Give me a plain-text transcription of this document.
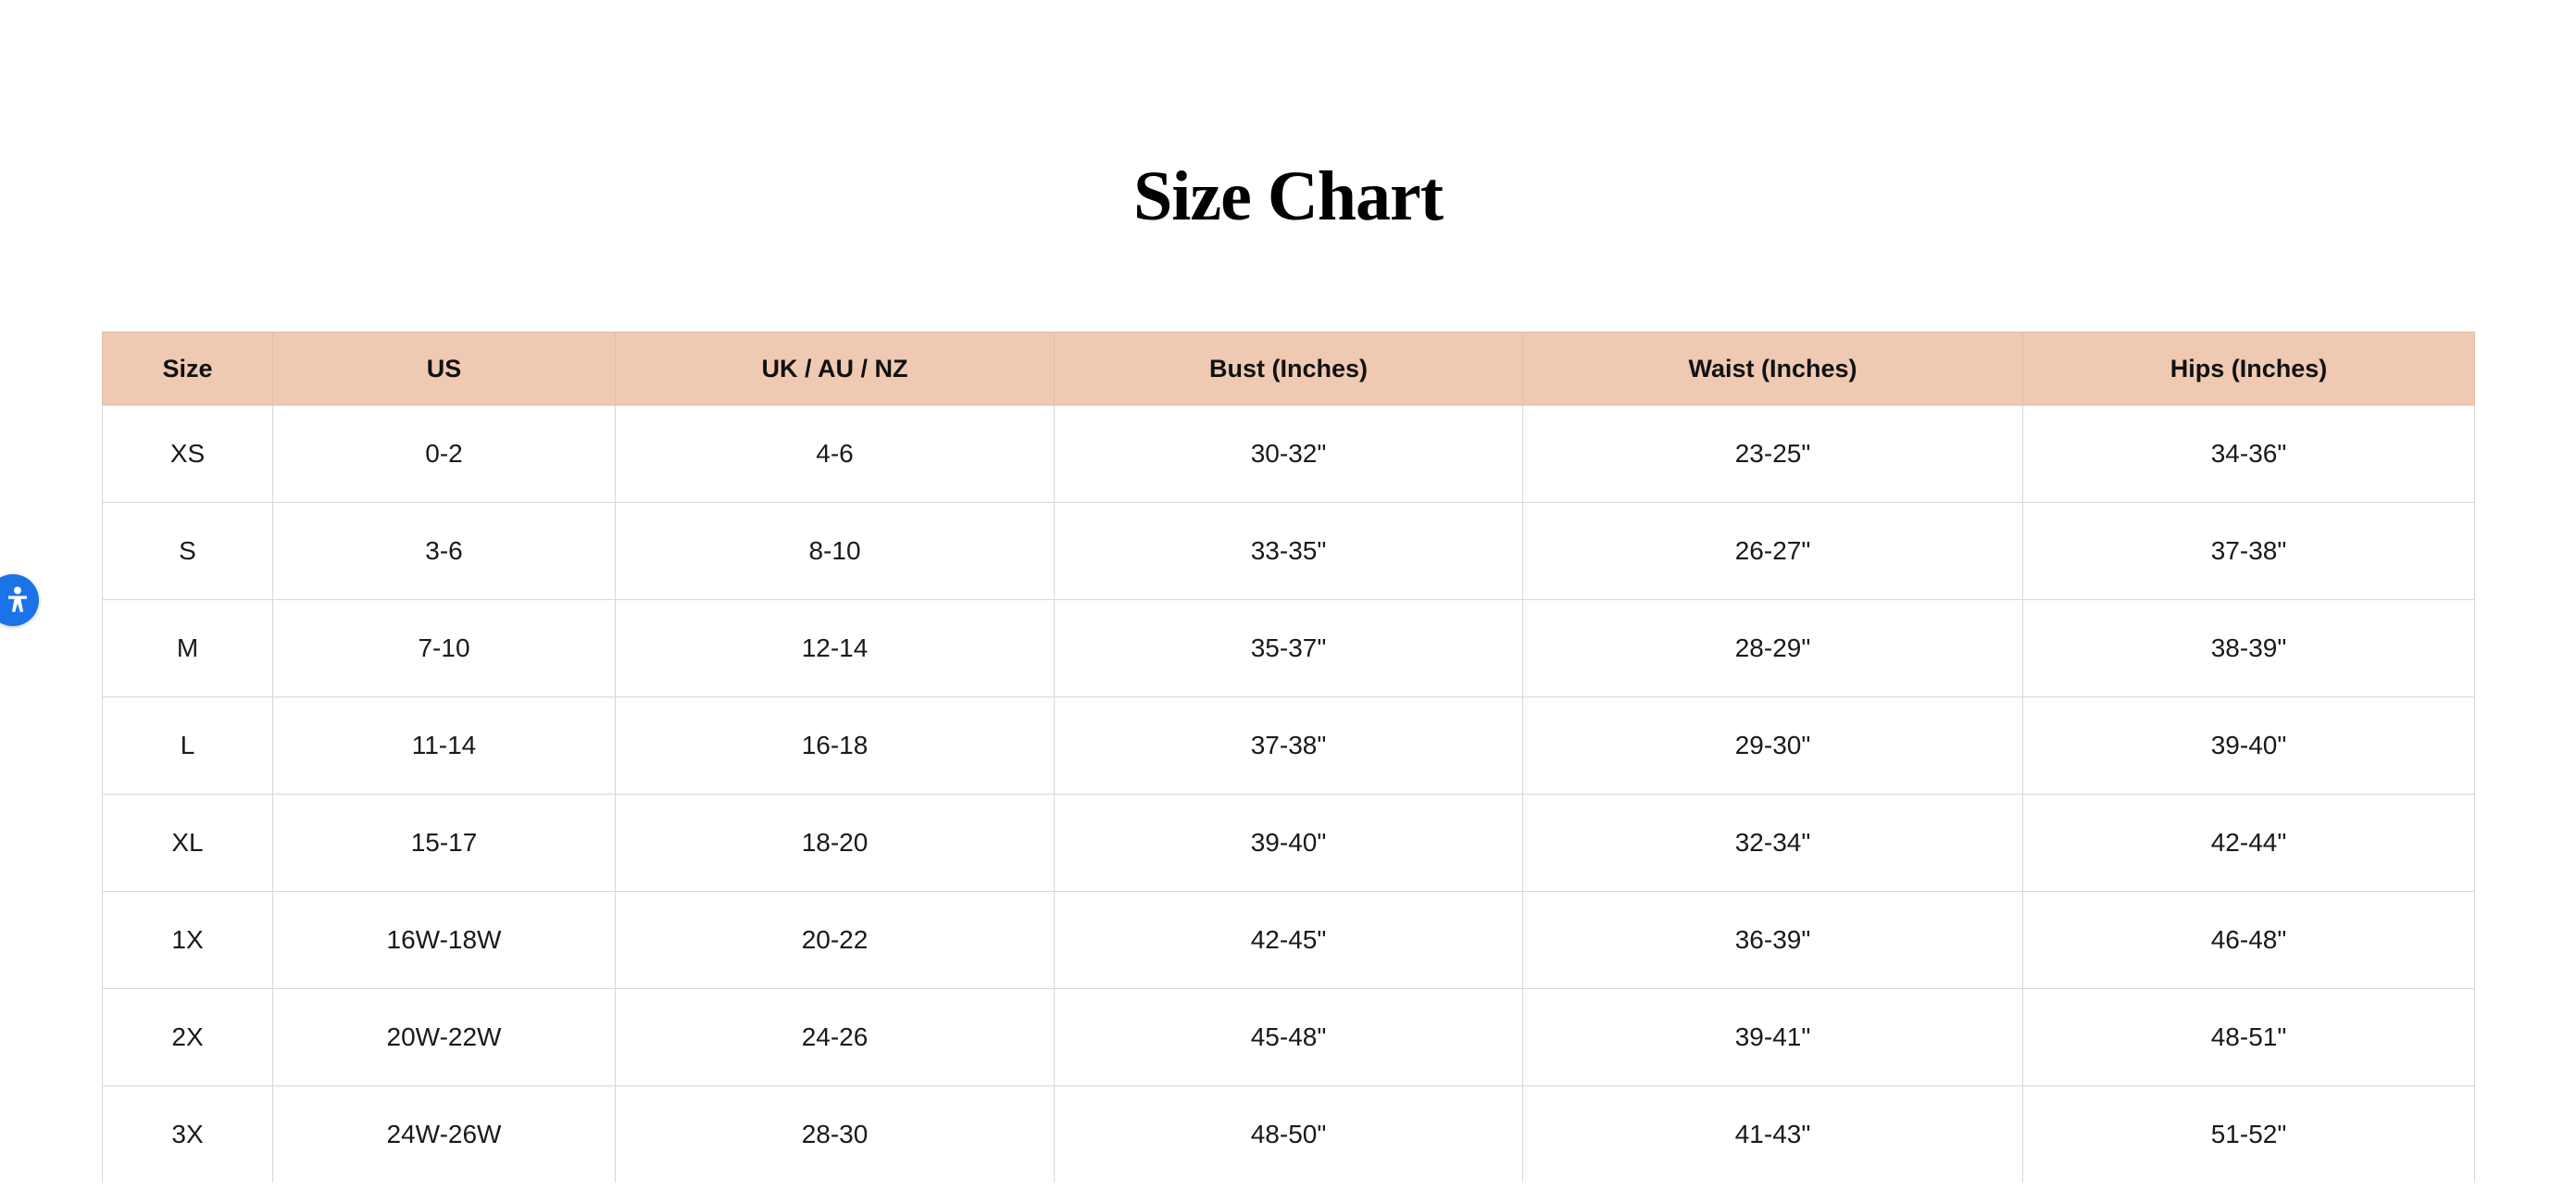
Size Chart
Size	US	UK / AU / NZ	Bust (Inches)	Waist (Inches)	Hips (Inches)
XS	0-2	4-6	30-32"	23-25"	34-36"
S	3-6	8-10	33-35"	26-27"	37-38"
M	7-10	12-14	35-37"	28-29"	38-39"
L	11-14	16-18	37-38"	29-30"	39-40"
XL	15-17	18-20	39-40"	32-34"	42-44"
1X	16W-18W	20-22	42-45"	36-39"	46-48"
2X	20W-22W	24-26	45-48"	39-41"	48-51"
3X	24W-26W	28-30	48-50"	41-43"	51-52"
